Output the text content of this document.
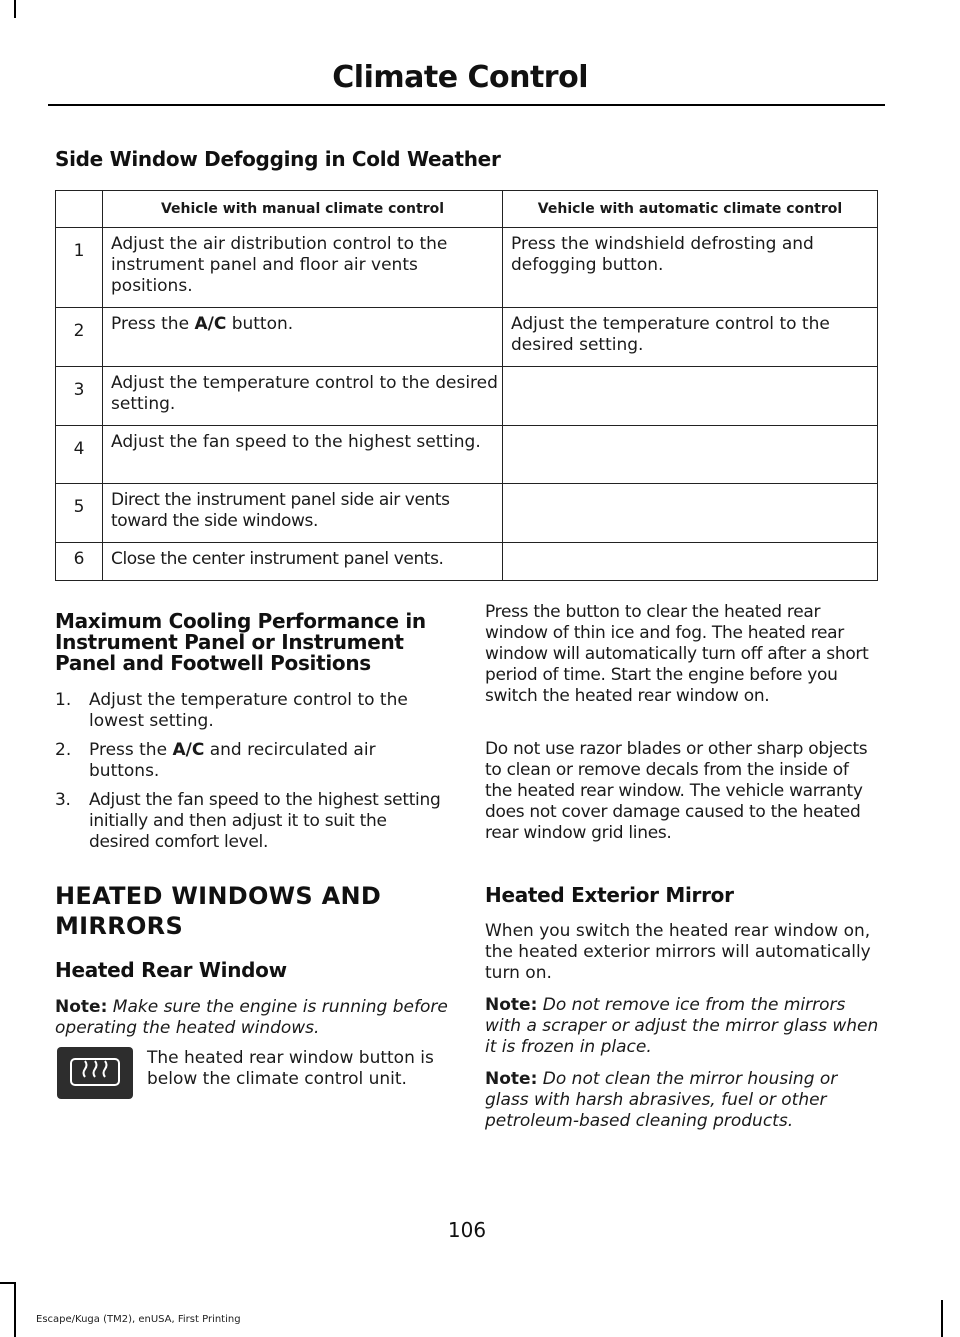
Climate Control
Side Window Defogging in Cold Weather
	Vehicle with manual climate control	Vehicle with automatic climate control
1	Adjust the air distribution control to the instrument panel and floor air vents positions.	Press the windshield defrosting and defogging button.
2	Press the A/C button.	Adjust the temperature control to the desired setting.
3	Adjust the temperature control to the desired setting.	
4	Adjust the fan speed to the highest setting.	
5	Direct the instrument panel side air vents toward the side windows.	
6	Close the center instrument panel vents.	
Maximum Cooling Performance in Instrument Panel or Instrument Panel and Footwell Positions
1. Adjust the temperature control to the lowest setting.
2. Press the A/C and recirculated air buttons.
3. Adjust the fan speed to the highest setting initially and then adjust it to suit the desired comfort level.
HEATED WINDOWS AND
MIRRORS
Heated Rear Window
Note: Make sure the engine is running before operating the heated windows.
The heated rear window button is below the climate control unit.
Press the button to clear the heated rear window of thin ice and fog. The heated rear window will automatically turn off after a short period of time. Start the engine before you switch the heated rear window on.
Do not use razor blades or other sharp objects to clean or remove decals from the inside of the heated rear window. The vehicle warranty does not cover damage caused to the heated rear window grid lines.
Heated Exterior Mirror
When you switch the heated rear window on, the heated exterior mirrors will automatically turn on.
Note: Do not remove ice from the mirrors with a scraper or adjust the mirror glass when it is frozen in place.
Note: Do not clean the mirror housing or glass with harsh abrasives, fuel or other petroleum-based cleaning products.
106
Escape/Kuga (TM2), enUSA, First Printing
